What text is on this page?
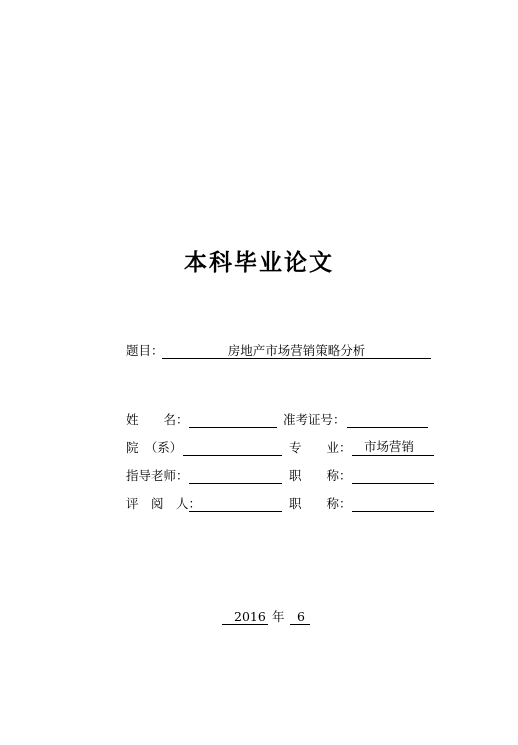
本科毕业论文
题目：	房地产市场营销策略分析
姓　　名：	准考证号：
院　（系）	专　　业： 市场营销
指导老师：	职　　称：
评　阅　人：	职　　称：
2016 年 6
